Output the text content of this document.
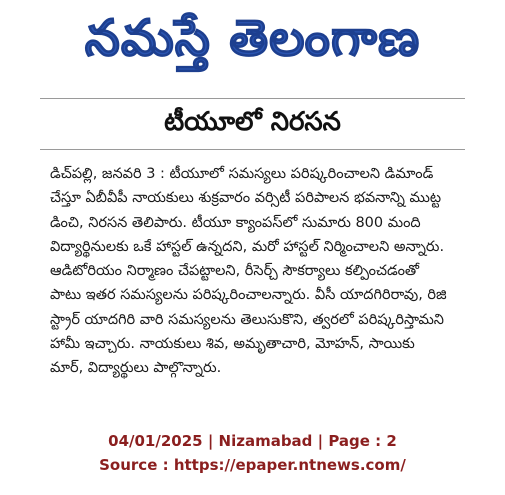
నమస్తే తెలంగాణ
టీయూలో నిరసన
డిచ్‌పల్లి, జనవరి 3 : టీయూలో సమస్యలు పరిష్కరించాలని డిమాండ్
చేస్తూ ఏబీవీపీ నాయకులు శుక్రవారం వర్సిటీ పరిపాలన భవనాన్ని ముట్ట
డించి, నిరసన తెలిపారు. టీయూ క్యాంపస్‌లో సుమారు 800 మంది
విద్యార్థినులకు ఒకే హాస్టల్ ఉన్నదని, మరో హాస్టల్ నిర్మించాలని అన్నారు.
ఆడిటోరియం నిర్మాణం చేపట్టాలని, రీసెర్చ్ సౌకర్యాలు కల్పించడంతో
పాటు ఇతర సమస్యలను పరిష్కరించాలన్నారు. వీసీ యాదగిరిరావు, రిజి
స్ట్రార్ యాదగిరి వారి సమస్యలను తెలుసుకొని, త్వరలో పరిష్కరిస్తామని
హామీ ఇచ్చారు. నాయకులు శివ, అమృతాచారి, మోహన్, సాయికు
మార్, విద్యార్థులు పాల్గొన్నారు.
04/01/2025 | Nizamabad | Page : 2
Source : https://epaper.ntnews.com/
